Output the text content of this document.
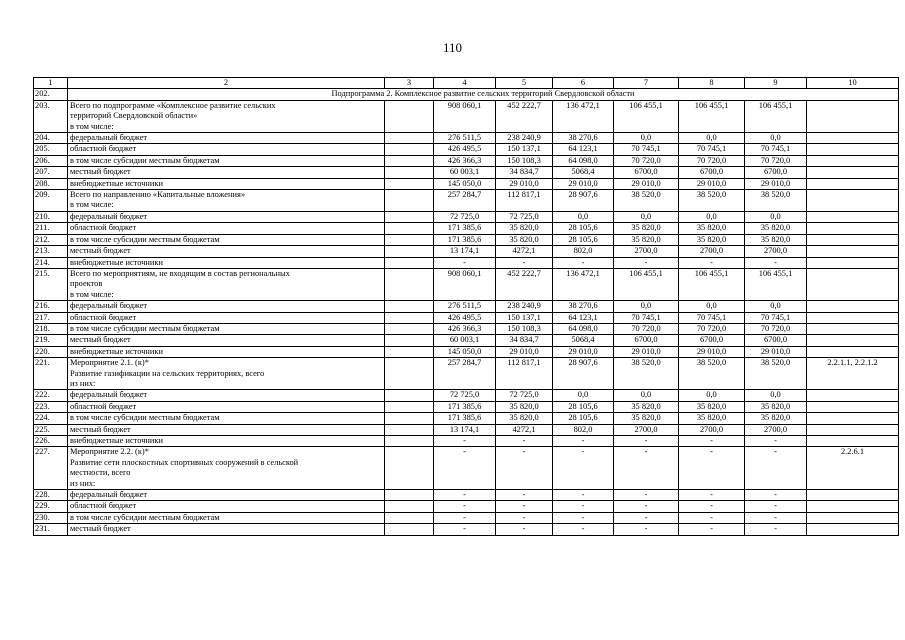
110
1	2	3	4	5	6	7	8	9	10
202.	Подпрограмма 2. Комплексное развитие сельских территорий Свердловской области								
203.	Всего по подпрограмме «Комплексное развитие сельских
территорий Свердловской области»
в том числе:		908 060,1	452 222,7	136 472,1	106 455,1	106 455,1	106 455,1	
204.	федеральный бюджет		276 511,5	238 240,9	38 270,6	0,0	0,0	0,0	
205.	областной бюджет		426 495,5	150 137,1	64 123,1	70 745,1	70 745,1	70 745,1	
206.	в том числе субсидии местным бюджетам		426 366,3	150 108,3	64 098,0	70 720,0	70 720,0	70 720,0	
207.	местный бюджет		60 003,1	34 834,7	5068,4	6700,0	6700,0	6700,0	
208.	внебюджетные источники		145 050,0	29 010,0	29 010,0	29 010,0	29 010,0	29 010,0	
209.	Всего по направлению «Капитальные вложения»
в том числе:		257 284,7	112 817,1	28 907,6	38 520,0	38 520,0	38 520,0	
210.	федеральный бюджет		72 725,0	72 725,0	0,0	0,0	0,0	0,0	
211.	областной бюджет		171 385,6	35 820,0	28 105,6	35 820,0	35 820,0	35 820,0	
212.	в том числе субсидии местным бюджетам		171 385,6	35 820,0	28 105,6	35 820,0	35 820,0	35 820,0	
213.	местный бюджет		13 174,1	4272,1	802,0	2700,0	2700,0	2700,0	
214.	внебюджетные источники		-	-	-	-	-	-	
215.	Всего по мероприятиям, не входящим в состав региональных
проектов
в том числе:		908 060,1	452 222,7	136 472,1	106 455,1	106 455,1	106 455,1	
216.	федеральный бюджет		276 511,5	238 240,9	38 270,6	0,0	0,0	0,0	
217.	областной бюджет		426 495,5	150 137,1	64 123,1	70 745,1	70 745,1	70 745,1	
218.	в том числе субсидии местным бюджетам		426 366,3	150 108,3	64 098,0	70 720,0	70 720,0	70 720,0	
219.	местный бюджет		60 003,1	34 834,7	5068,4	6700,0	6700,0	6700,0	
220.	внебюджетные источники		145 050,0	29 010,0	29 010,0	29 010,0	29 010,0	29 010,0	
221.	Мероприятие 2.1. (к)*
Развитие газификации на сельских территориях, всего
из них:		257 284,7	112 817,1	28 907,6	38 520,0	38 520,0	38 520,0	2.2.1.1, 2.2.1.2
222.	федеральный бюджет		72 725,0	72 725,0	0,0	0,0	0,0	0,0	
223.	областной бюджет		171 385,6	35 820,0	28 105,6	35 820,0	35 820,0	35 820,0	
224.	в том числе субсидии местным бюджетам		171 385,6	35 820,0	28 105,6	35 820,0	35 820,0	35 820,0	
225.	местный бюджет		13 174,1	4272,1	802,0	2700,0	2700,0	2700,0	
226.	внебюджетные источники		-	-	-	-	-	-	
227.	Мероприятие 2.2. (к)*
Развитие сети плоскостных спортивных сооружений в сельской
местности, всего
из них:		-	-	-	-	-	-	2.2.6.1
228.	федеральный бюджет		-	-	-	-	-	-	
229.	областной бюджет		-	-	-	-	-	-	
230.	в том числе субсидии местным бюджетам		-	-	-	-	-	-	
231.	местный бюджет		-	-	-	-	-	-	
